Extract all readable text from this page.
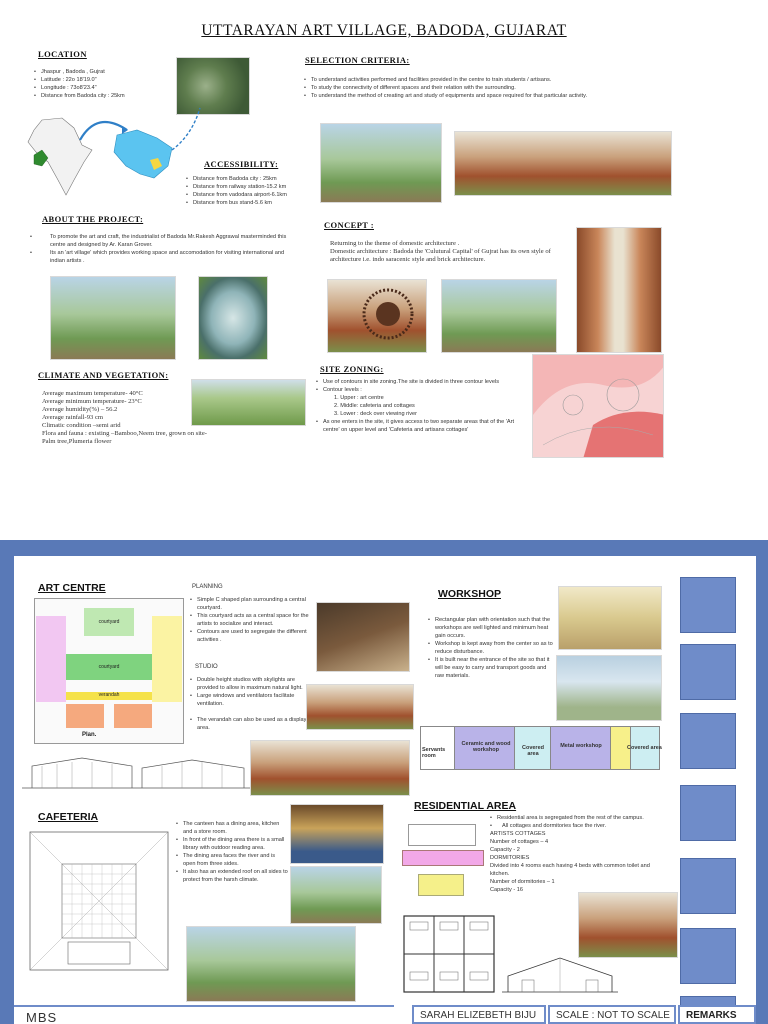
UTTARAYAN ART VILLAGE, BADODA, GUJARAT
LOCATION
• Jhaspur , Badoda , Gujrat
• Latitude : 22o 18'19.0"
• Longitude : 73o8'23.4"
• Distance from Badoda city : 25km
SELECTION CRITERIA:
• To understand activities performed and facilities provided in the centre to train students / artisans.
• To study the connectivity of different spaces and their relation with the surrounding.
• To understand the method of creating art and study of equipments and space required for that particular activity.
ACCESSIBILITY:
• Distance from Badoda city : 25km
• Distance from railway station-15.2 km
• Distance from vadodara airport-6.1km
• Distance from bus stand-5.6 km
ABOUT THE PROJECT:
• To promote the art and craft, the industrialist of Badoda Mr.Rakesh Aggrawal masterminded this centre and designed by Ar. Karan Grover.
• Its an 'art village' which provides working space and accomodation for visiting international and indian artists .
CONCEPT :
Returning to the theme of domestic architecture .
Domestic architecture : Badoda the 'Culutural Capital' of Gujrat has its own style of architecture i.e. indo saracenic style and brick architecture.
CLIMATE AND VEGETATION:
Average maximum temperature- 40°C
Average minimum temperature- 23°C
Average humidity(%) – 56.2
Average rainfall-93 cm
Climatic condition –semi arid
Flora and fauna : existing –Bamboo,Neem tree, grown on site-Palm tree,Plumeria flower
SITE ZONING:
• Use of contours in site zoning.The site is divided in three contour levels
• Contour levels :
1. Upper : art centre
2. Middle: cafeteria and cottages
3. Lower : deck over viewing river
• As one enters in the site, it gives access to two separate areas that of the 'Art centre' on upper level and 'Cafeteria and artisans cottages'
ART CENTRE
courtyard
courtyard
verandah
Plan.
PLANNING
• Simple C shaped plan surrounding a central courtyard.
• This courtyard acts as a central space for the artists to socialize and interact.
• Contours are used to segregate the different activities .
STUDIO
• Double height studios with skylights are provided to allow in maximum natural light.
• Large windows and ventilators facilitate ventilation.
• The verandah can also be used as a display area.
WORKSHOP
• Rectangular plan with orientation such that the workshops are well lighted and minimum heat gain occurs.
• Workshop is kept away from the center so as to reduce disturbance.
• It is built near the entrance of the site so that it will be easy to carry and transport goods and raw materials.
Servants room
Ceramic and wood workshop	Covered area
Metal workshop	Covered area
CAFETERIA
• The canteen has a dining area, kitchen and a store room.
• In front of the dining area there is a small library with outdoor reading area.
• The dining area faces the river and is open from three sides.
• It also has an extended roof on all sides to protect from the harsh climate.
RESIDENTIAL AREA
• Residential area is segregated from the rest of the campus.
• All cottages and dormitories face the river.
ARTISTS COTTAGES
Number of cottages – 4
Capacity - 2
DORMITORIES
Divided into 4 rooms each having 4 beds with common toilet and kitchen.
Number of dormitories – 1
Capacity - 16
MBS	SARAH ELIZEBETH BIJU	SCALE : NOT TO SCALE	REMARKS
